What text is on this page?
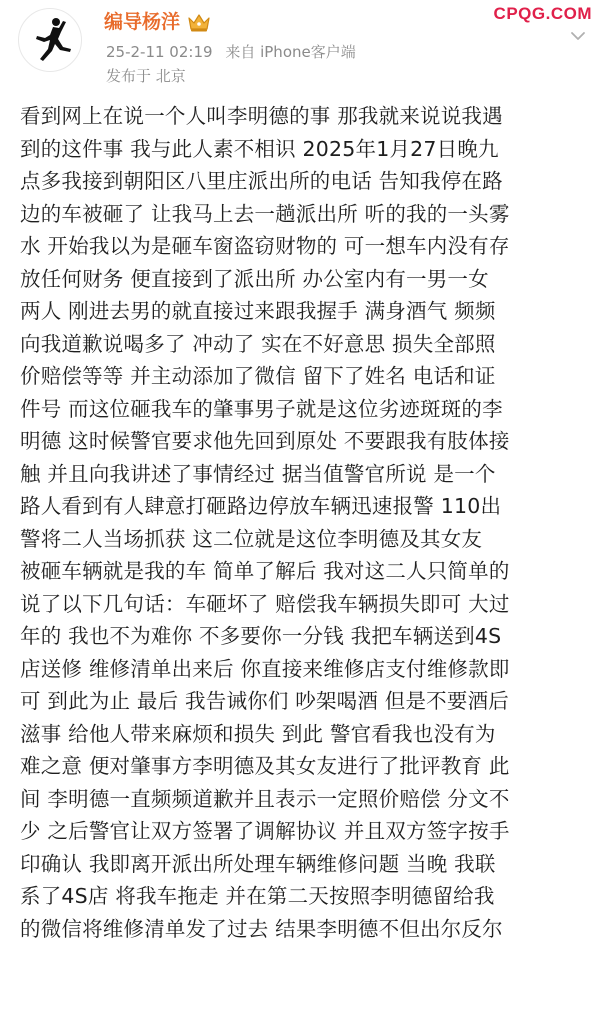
编导杨洋
25-2-11 02:19 来自 iPhone客户端
发布于 北京
CPQG.COM
看到网上在说一个人叫李明德的事 那我就来说说我遇
到的这件事 我与此人素不相识 2025年1月27日晚九
点多我接到朝阳区八里庄派出所的电话 告知我停在路
边的车被砸了 让我马上去一趟派出所 听的我的一头雾
水 开始我以为是砸车窗盗窃财物的 可一想车内没有存
放任何财务 便直接到了派出所 办公室内有一男一女
两人 刚进去男的就直接过来跟我握手 满身酒气 频频
向我道歉说喝多了 冲动了 实在不好意思 损失全部照
价赔偿等等 并主动添加了微信 留下了姓名 电话和证
件号 而这位砸我车的肇事男子就是这位劣迹斑斑的李
明德 这时候警官要求他先回到原处 不要跟我有肢体接
触 并且向我讲述了事情经过 据当值警官所说 是一个
路人看到有人肆意打砸路边停放车辆迅速报警 110出
警将二人当场抓获 这二位就是这位李明德及其女友
被砸车辆就是我的车 简单了解后 我对这二人只简单的
说了以下几句话：车砸坏了 赔偿我车辆损失即可 大过
年的 我也不为难你 不多要你一分钱 我把车辆送到4S
店送修 维修清单出来后 你直接来维修店支付维修款即
可 到此为止 最后 我告诫你们 吵架喝酒 但是不要酒后
滋事 给他人带来麻烦和损失 到此 警官看我也没有为
难之意 便对肇事方李明德及其女友进行了批评教育 此
间 李明德一直频频道歉并且表示一定照价赔偿 分文不
少 之后警官让双方签署了调解协议 并且双方签字按手
印确认 我即离开派出所处理车辆维修问题 当晚 我联
系了4S店 将我车拖走 并在第二天按照李明德留给我
的微信将维修清单发了过去 结果李明德不但出尔反尔
